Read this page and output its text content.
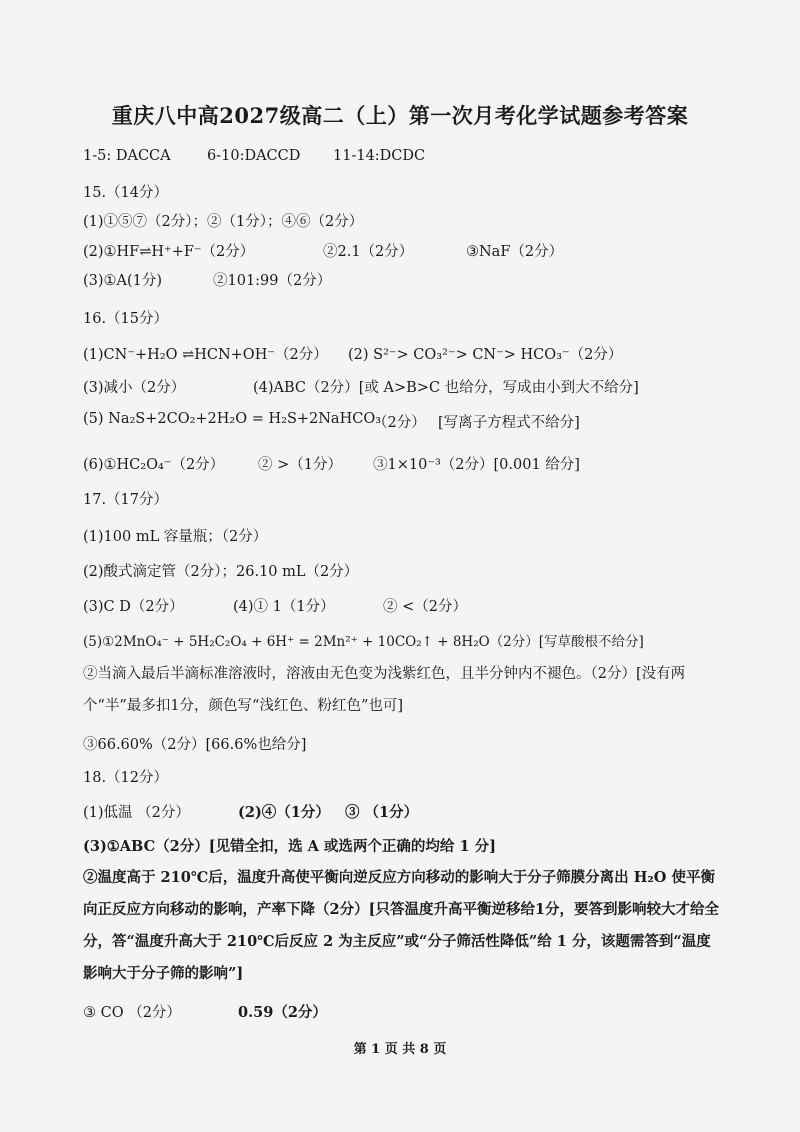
重庆八中高2027级高二（上）第一次月考化学试题参考答案
1-5: DACCA	6-10:DACCD 11-14:DCDC
15.（14分）
(1)①⑤⑦（2分）；②（1分）；④⑥（2分）
(2)①HF⇌H⁺+F⁻（2分）	②2.1（2分）	③NaF（2分）
(3)①A(1分)	②101:99（2分）
16.（15分）
(1)CN⁻+H₂O ⇌HCN+OH⁻（2分） (2) S²⁻> CO₃²⁻> CN⁻> HCO₃⁻（2分）
(3)减小（2分）	(4)ABC（2分）[或 A>B>C 也给分，写成由小到大不给分]
(5) Na₂S+2CO₂+2H₂O = H₂S+2NaHCO₃
（2分） [写离子方程式不给分]
(6)①HC₂O₄⁻（2分） ② >（1分） ③1×10⁻³（2分）[0.001 给分]
17.（17分）
(1)100 mL 容量瓶；（2分）
(2)酸式滴定管（2分）；26.10 mL（2分）
(3)C D（2分）	(4)① 1（1分）	② <（2分）
(5)①2MnO₄⁻ + 5H₂C₂O₄ + 6H⁺ = 2Mn²⁺ + 10CO₂↑ + 8H₂O（2分）[写草酸根不给分]
②当滴入最后半滴标准溶液时，溶液由无色变为浅紫红色，且半分钟内不褪色。（2分）[没有两个“半”最多扣1分，颜色写“浅红色、粉红色”也可]
③66.60%（2分）[66.6%也给分]
18.（12分）
(1)低温 （2分）	(2)④（1分） ③ （1分）
(3)①ABC（2分）[见错全扣，选 A 或选两个正确的均给 1 分]
②温度高于 210℃后，温度升高使平衡向逆反应方向移动的影响大于分子筛膜分离出 H₂O 使平衡向正反应方向移动的影响，产率下降（2分）[只答温度升高平衡逆移给1分，要答到影响较大才给全分，答“温度升高大于 210℃后反应 2 为主反应”或“分子筛活性降低”给 1 分，该题需答到“温度影响大于分子筛的影响”]
③ CO （2分）	0.59（2分）
第 1 页 共 8 页
